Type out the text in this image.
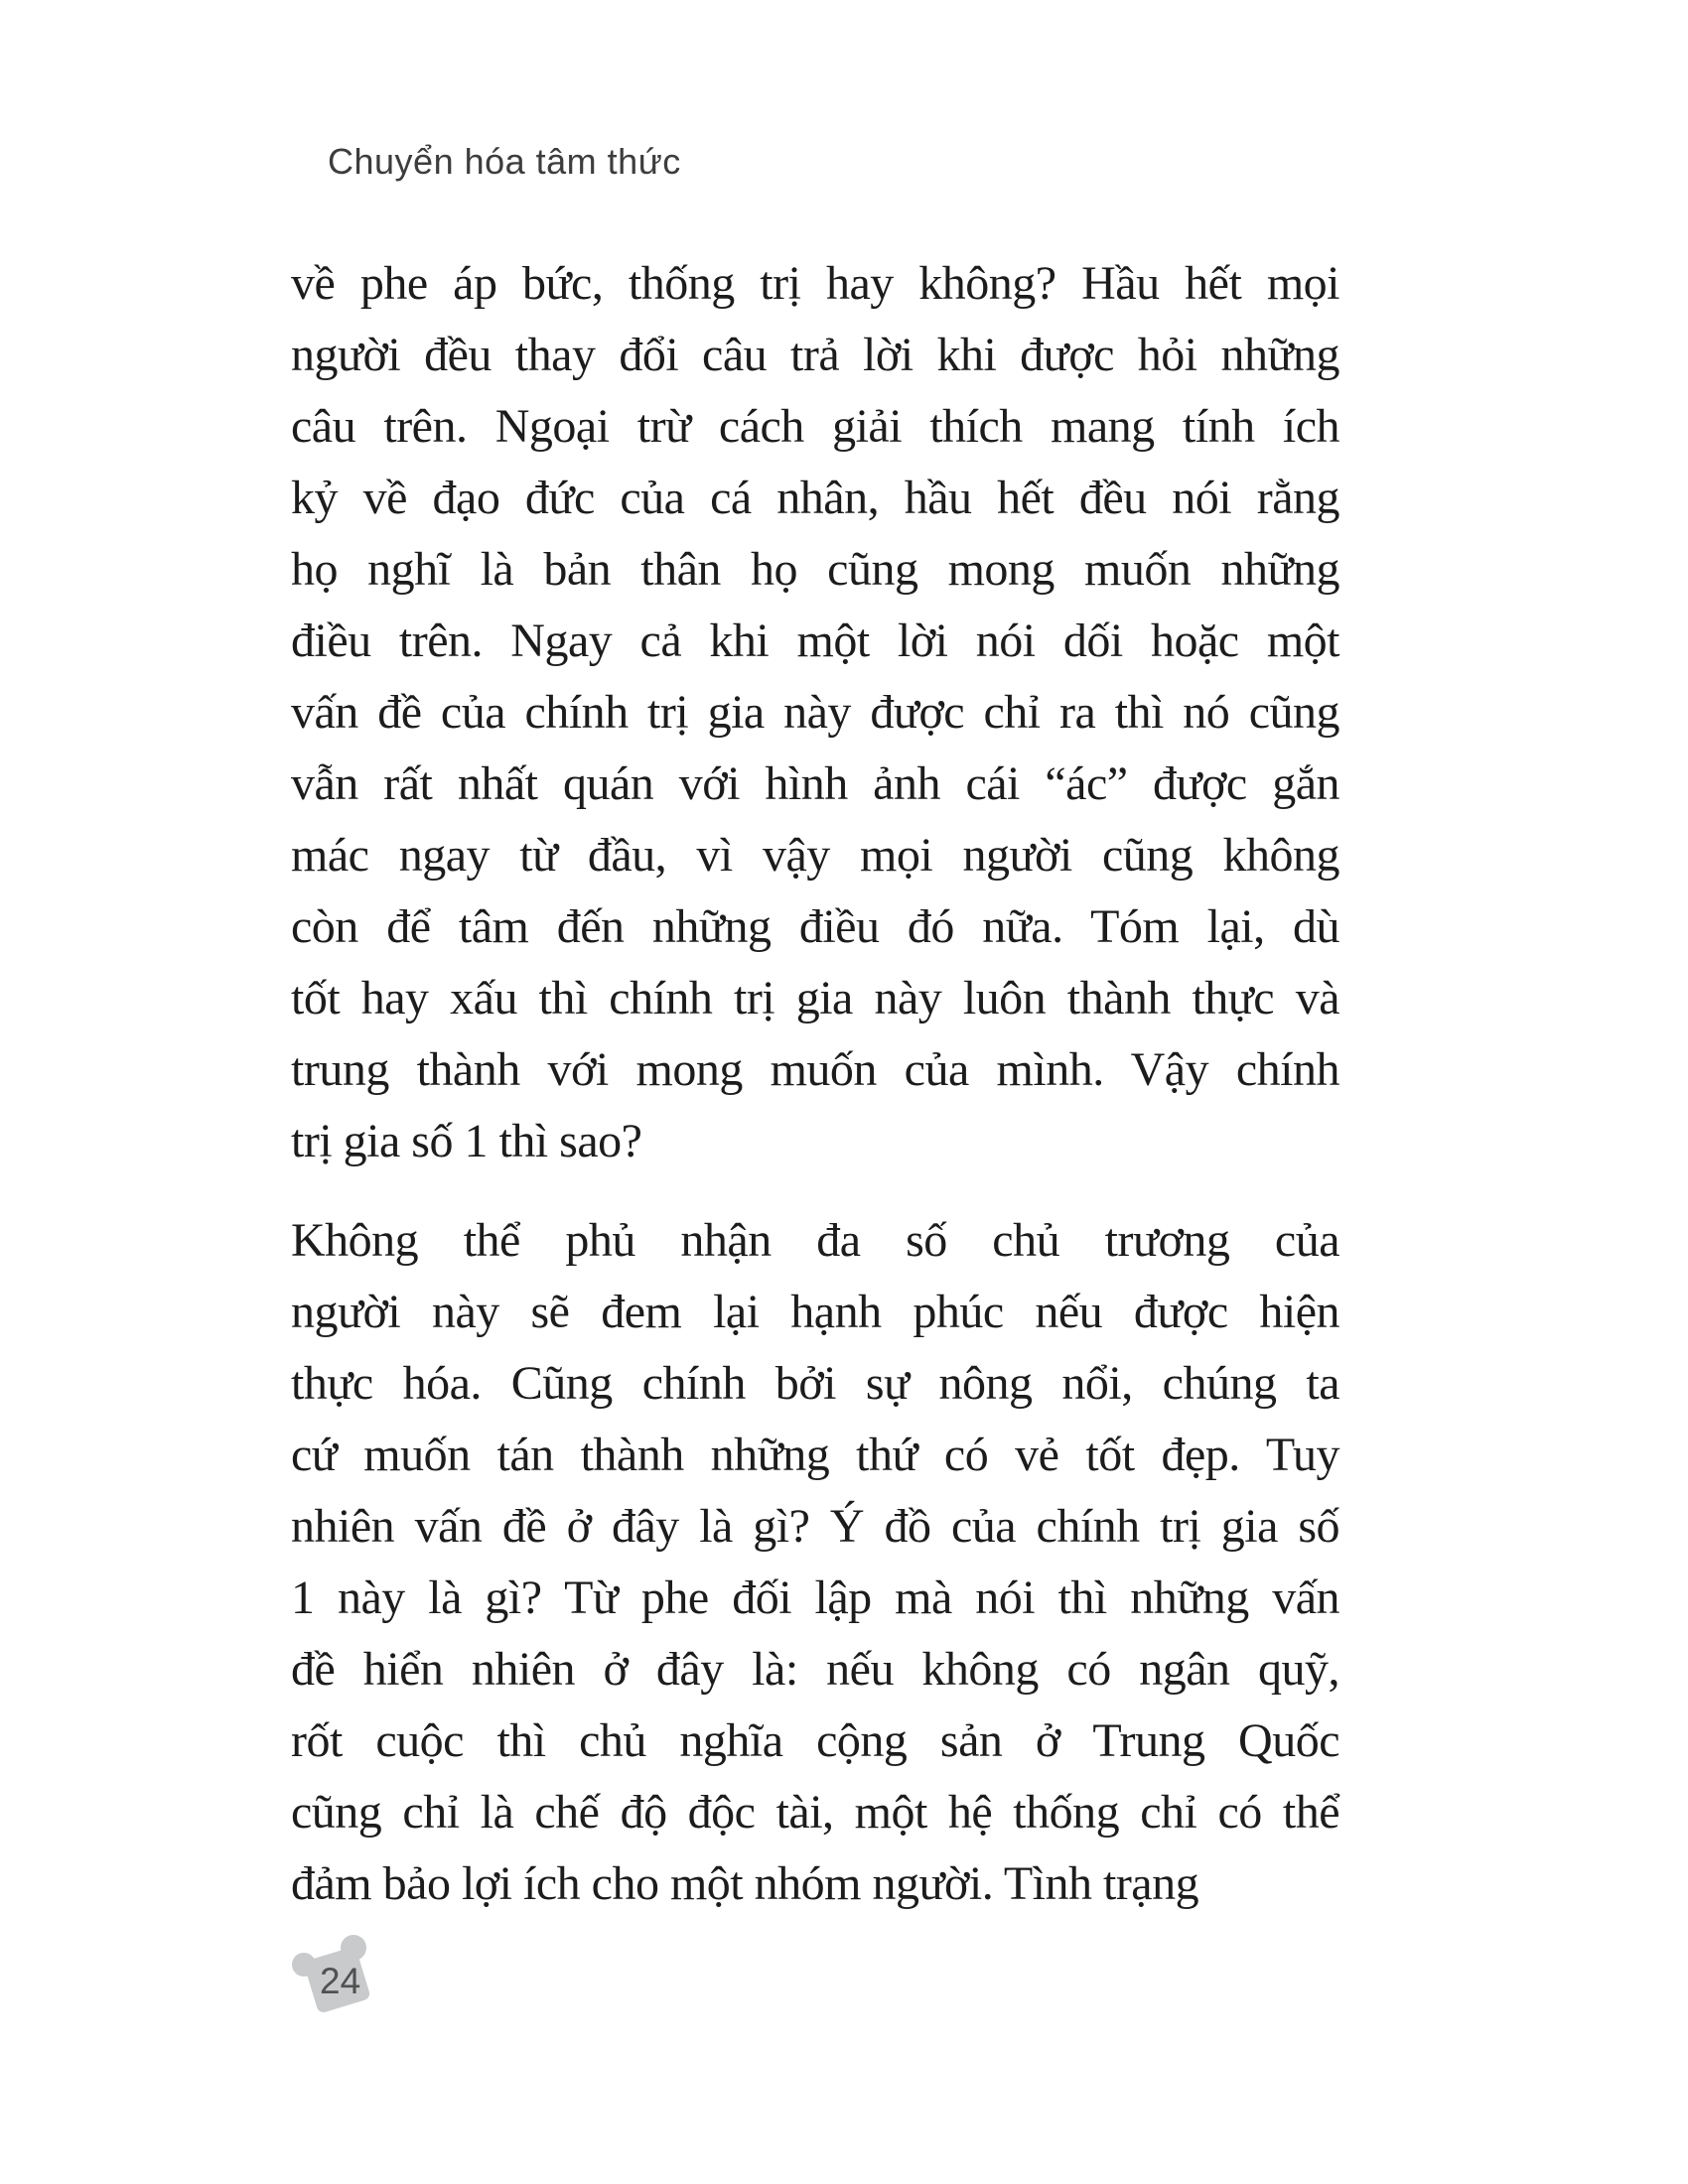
Chuyển hóa tâm thức
về phe áp bức, thống trị hay không? Hầu hết mọi
người đều thay đổi câu trả lời khi được hỏi những
câu trên. Ngoại trừ cách giải thích mang tính ích
kỷ về đạo đức của cá nhân, hầu hết đều nói rằng
họ nghĩ là bản thân họ cũng mong muốn những
điều trên. Ngay cả khi một lời nói dối hoặc một
vấn đề của chính trị gia này được chỉ ra thì nó cũng
vẫn rất nhất quán với hình ảnh cái “ác” được gắn
mác ngay từ đầu, vì vậy mọi người cũng không
còn để tâm đến những điều đó nữa. Tóm lại, dù
tốt hay xấu thì chính trị gia này luôn thành thực và
trung thành với mong muốn của mình. Vậy chính
trị gia số 1 thì sao?
Không thể phủ nhận đa số chủ trương của
người này sẽ đem lại hạnh phúc nếu được hiện
thực hóa. Cũng chính bởi sự nông nổi, chúng ta
cứ muốn tán thành những thứ có vẻ tốt đẹp. Tuy
nhiên vấn đề ở đây là gì? Ý đồ của chính trị gia số
1 này là gì? Từ phe đối lập mà nói thì những vấn
đề hiển nhiên ở đây là: nếu không có ngân quỹ,
rốt cuộc thì chủ nghĩa cộng sản ở Trung Quốc
cũng chỉ là chế độ độc tài, một hệ thống chỉ có thể
đảm bảo lợi ích cho một nhóm người. Tình trạng
24
